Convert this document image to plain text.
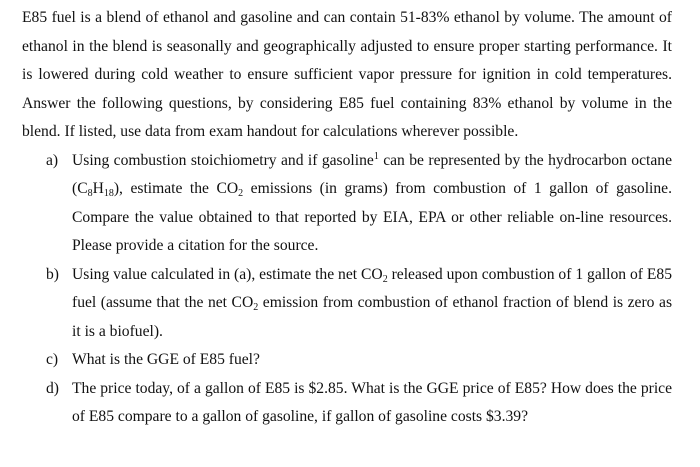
E85 fuel is a blend of ethanol and gasoline and can contain 51-83% ethanol by volume. The amount of ethanol in the blend is seasonally and geographically adjusted to ensure proper starting performance. It is lowered during cold weather to ensure sufficient vapor pressure for ignition in cold temperatures. Answer the following questions, by considering E85 fuel containing 83% ethanol by volume in the blend. If listed, use data from exam handout for calculations wherever possible.

a) Using combustion stoichiometry and if gasoline$^1$ can be represented by the hydrocarbon octane $(C_8H_{18})$, estimate the $CO_2$ emissions (in grams) from combustion of 1 gallon of gasoline. Compare the value obtained to that reported by EIA, EPA or other reliable on-line resources. Please provide a citation for the source.
b) Using value calculated in (a), estimate the net $CO_2$ released upon combustion of 1 gallon of E85 fuel (assume that the net $CO_2$ emission from combustion of ethanol fraction of blend is zero as it is a biofuel).
c) What is the GGE of E85 fuel?
d) The price today, of a gallon of E85 is $2.85. What is the GGE price of E85? How does the price of E85 compare to a gallon of gasoline, if gallon of gasoline costs $3.39?
